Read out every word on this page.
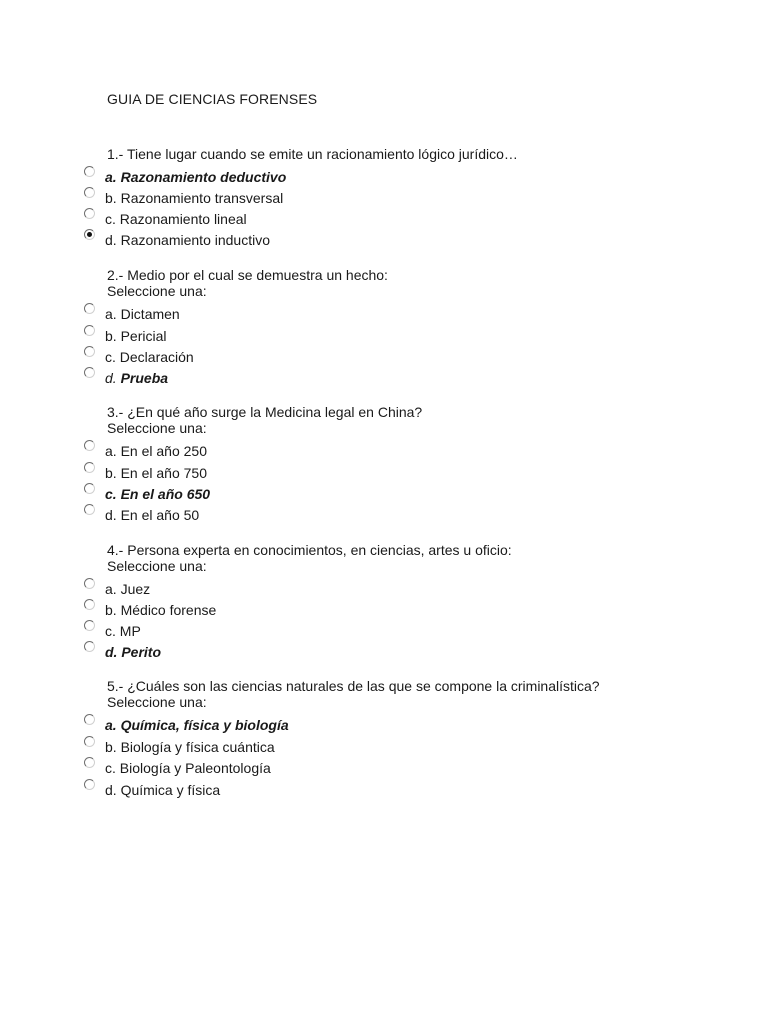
GUIA DE CIENCIAS FORENSES
1.- Tiene lugar cuando se emite un racionamiento lógico jurídico…
a. Razonamiento deductivo
b. Razonamiento transversal
c. Razonamiento lineal
d. Razonamiento inductivo
2.- Medio por el cual se demuestra un hecho:
Seleccione una:
a. Dictamen
b. Pericial
c. Declaración
d. Prueba
3.- ¿En qué año surge la Medicina legal en China?
Seleccione una:
a. En el año 250
b. En el año 750
c. En el año 650
d. En el año 50
4.- Persona experta en conocimientos, en ciencias, artes u oficio:
Seleccione una:
a. Juez
b. Médico forense
c. MP
d. Perito
5.- ¿Cuáles son las ciencias naturales de las que se compone la criminalística?
Seleccione una:
a. Química, física y biología
b. Biología y física cuántica
c. Biología y Paleontología
d. Química y física
